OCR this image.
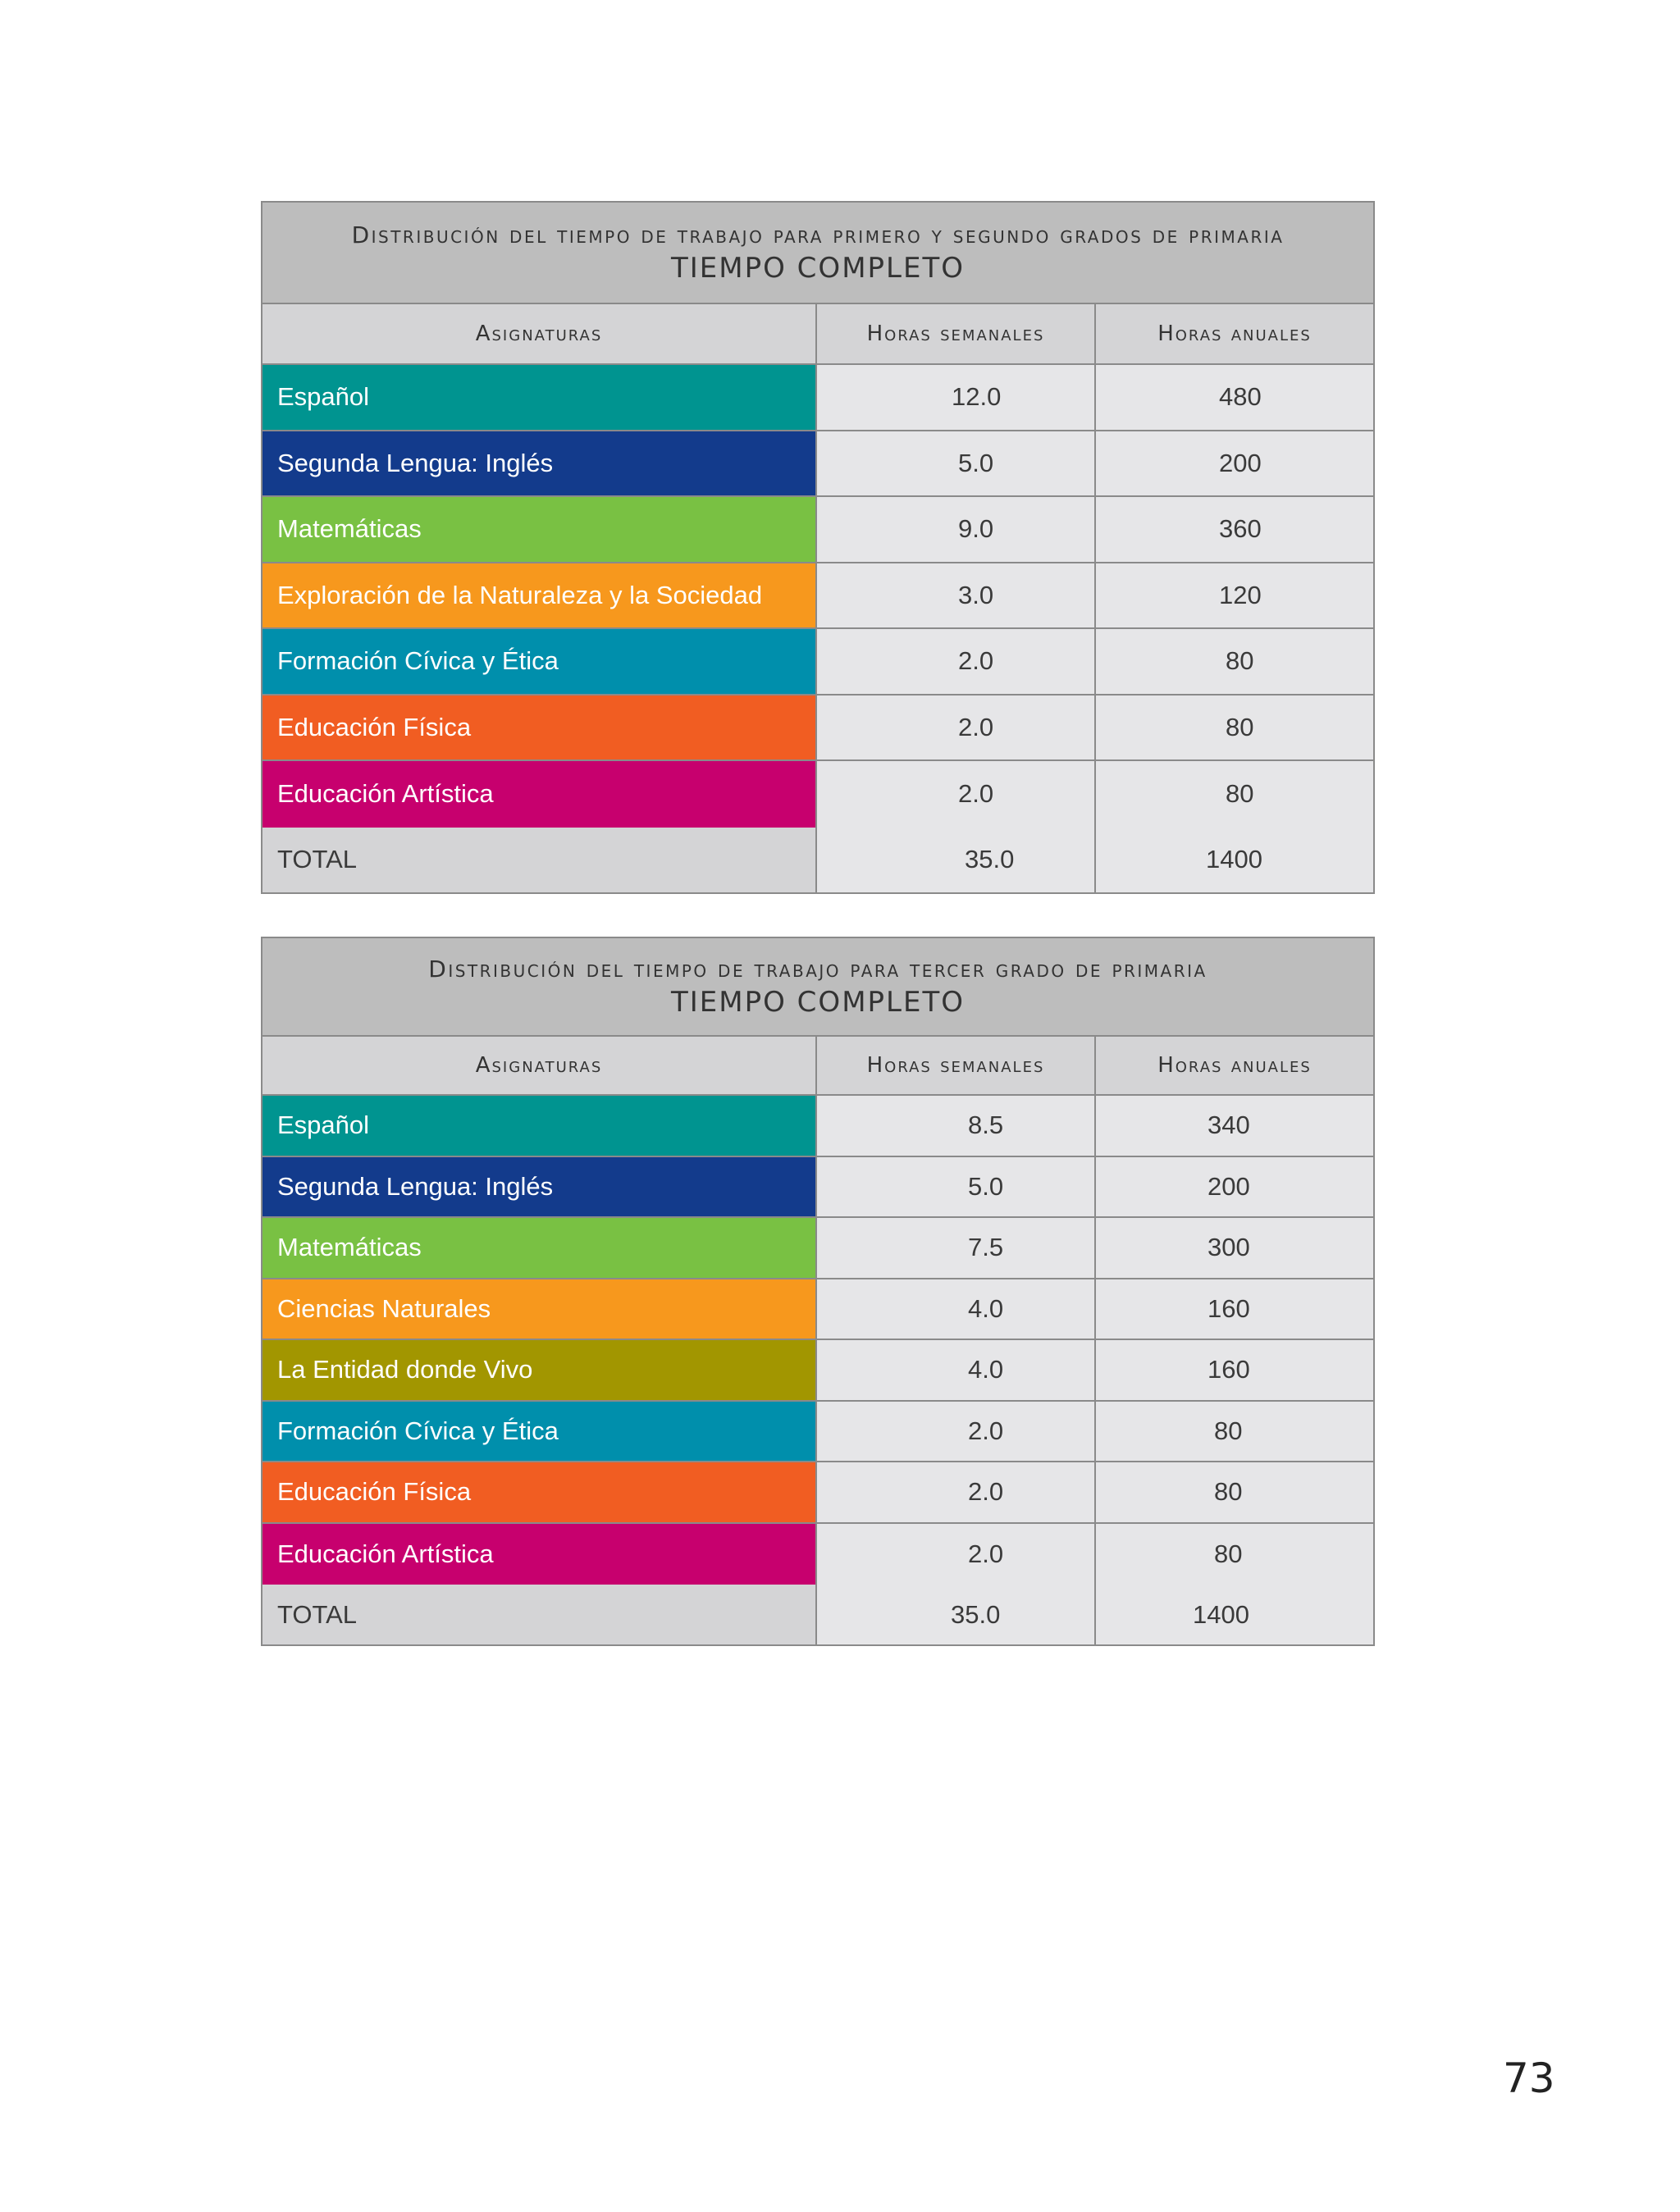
Distribución del tiempo de trabajo para primero y segundo grados de primaria
TIEMPO COMPLETO
Asignaturas	Horas semanales	Horas anuales
Español	12.0	480
Segunda Lengua: Inglés	5.0	200
Matemáticas	9.0	360
Exploración de la Naturaleza y la Sociedad	3.0	120
Formación Cívica y Ética	2.0	80
Educación Física	2.0	80
Educación Artística	2.0	80
TOTAL	35.0	1400
Distribución del tiempo de trabajo para tercer grado de primaria
TIEMPO COMPLETO
Asignaturas	Horas semanales	Horas anuales
Español	8.5	340
Segunda Lengua: Inglés	5.0	200
Matemáticas	7.5	300
Ciencias Naturales	4.0	160
La Entidad donde Vivo	4.0	160
Formación Cívica y Ética	2.0	80
Educación Física	2.0	80
Educación Artística	2.0	80
TOTAL	35.0	1400
73
